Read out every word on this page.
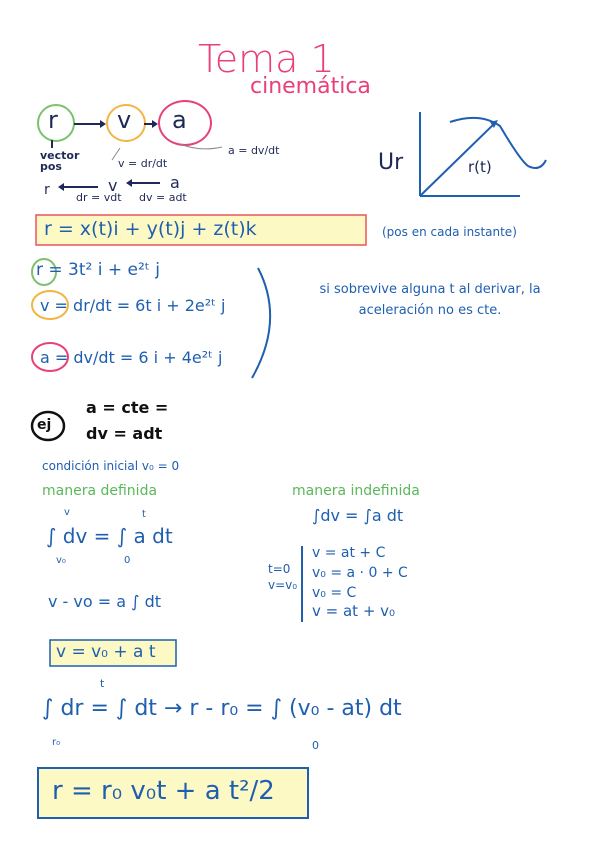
Tema 1
cinemática
r v a
a = dv/dt
v = dr/dt
vector
pos
r	v	a
dr = vdt     dv = adt
Ur	r(t)
r = x(t)i + y(t)j + z(t)k	(pos en cada instante)
r = 3t² i + e²ᵗ j
v = dr/dt = 6t i + 2e²ᵗ j
a = dv/dt = 6 i + 4e²ᵗ j
si sobrevive alguna t al derivar, la aceleración no es cte.
ej
a = cte =
dv = adt
condición inicial v₀ = 0
manera definida	manera indefinida
∫ dv = ∫ a dt
v
v₀
t
0
v - vo = a ∫ dt
v = v₀ + a t
∫dv = ∫a dt
t=0
v=v₀
v = at + C
v₀ = a · 0 + C
v₀ = C
v = at + v₀
∫ dr = ∫ dt → r - r₀ = ∫ (v₀ - at) dt
r₀
t
0
r = r₀ v₀t + a t²/2
